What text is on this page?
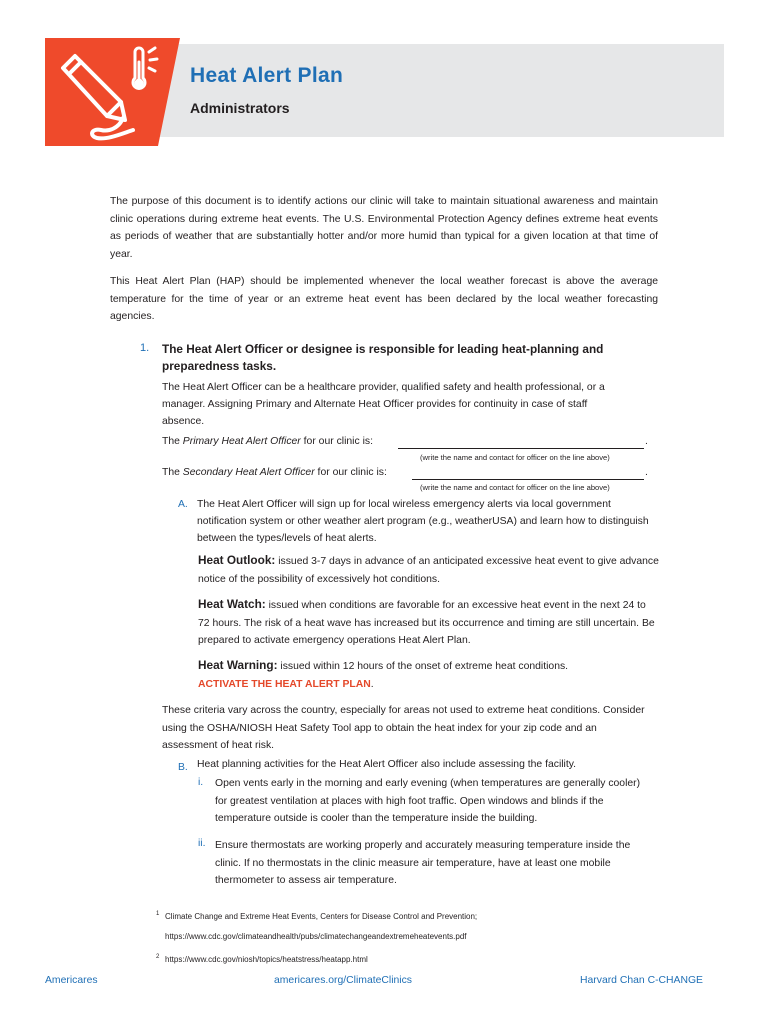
Heat Alert Plan
Administrators
The purpose of this document is to identify actions our clinic will take to maintain situational awareness and maintain clinic operations during extreme heat events. The U.S. Environmental Protection Agency defines extreme heat events as periods of weather that are substantially hotter and/or more humid than typical for a given location at that time of year.
This Heat Alert Plan (HAP) should be implemented whenever the local weather forecast is above the average temperature for the time of year or an extreme heat event has been declared by the local weather forecasting agencies.
1. The Heat Alert Officer or designee is responsible for leading heat-planning and preparedness tasks.
The Heat Alert Officer can be a healthcare provider, qualified safety and health professional, or a manager. Assigning Primary and Alternate Heat Officer provides for continuity in case of staff absence.
The Primary Heat Alert Officer for our clinic is:	.
(write the name and contact for officer on the line above)
The Secondary Heat Alert Officer for our clinic is:	.
(write the name and contact for officer on the line above)
A. The Heat Alert Officer will sign up for local wireless emergency alerts via local government notification system or other weather alert program (e.g., weatherUSA) and learn how to distinguish between the types/levels of heat alerts.
Heat Outlook: issued 3-7 days in advance of an anticipated excessive heat event to give advance notice of the possibility of excessively hot conditions.
Heat Watch: issued when conditions are favorable for an excessive heat event in the next 24 to 72 hours. The risk of a heat wave has increased but its occurrence and timing are still uncertain. Be prepared to activate emergency operations Heat Alert Plan.
Heat Warning: issued within 12 hours of the onset of extreme heat conditions.
ACTIVATE THE HEAT ALERT PLAN.
These criteria vary across the country, especially for areas not used to extreme heat conditions. Consider using the OSHA/NIOSH Heat Safety Tool app to obtain the heat index for your zip code and an assessment of heat risk.
B. Heat planning activities for the Heat Alert Officer also include assessing the facility.
i. Open vents early in the morning and early evening (when temperatures are generally cooler) for greatest ventilation at places with high foot traffic. Open windows and blinds if the temperature outside is cooler than the temperature inside the building.
ii. Ensure thermostats are working properly and accurately measuring temperature inside the clinic. If no thermostats in the clinic measure air temperature, have at least one mobile thermometer to assess air temperature.
1 Climate Change and Extreme Heat Events, Centers for Disease Control and Prevention;
https://www.cdc.gov/climateandhealth/pubs/climatechangeandextremeheatevents.pdf
2 https://www.cdc.gov/niosh/topics/heatstress/heatapp.html
Americares	americares.org/ClimateClinics	Harvard Chan C-CHANGE
